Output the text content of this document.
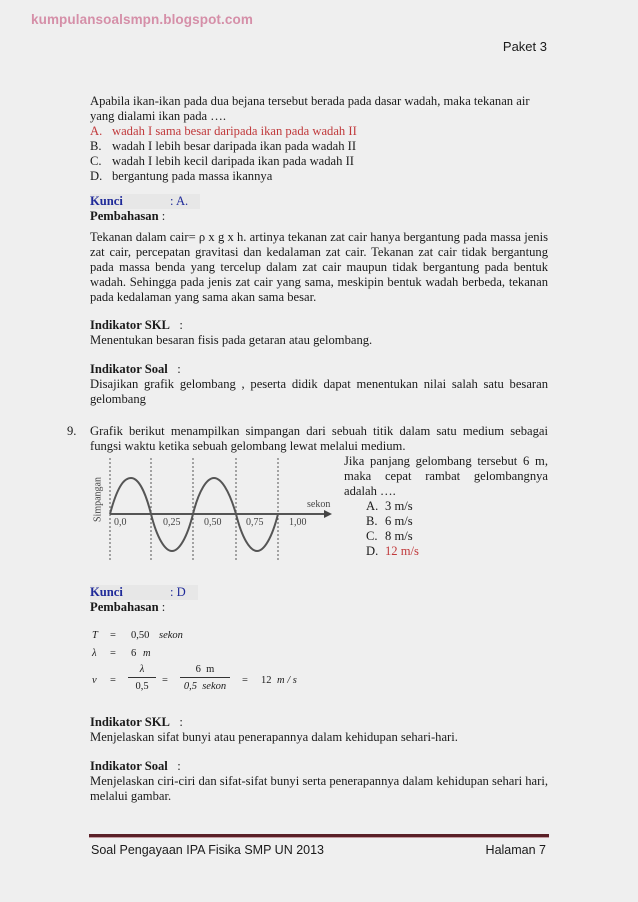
kumpulansoalsmpn.blogspot.com
Paket 3
Apabila ikan-ikan pada dua bejana tersebut berada pada dasar wadah, maka tekanan air
yang dialami ikan pada ….
A. wadah I sama besar daripada ikan pada wadah II
B. wadah I lebih besar daripada ikan pada wadah II
C. wadah I lebih kecil daripada ikan pada wadah II
D. bergantung pada massa ikannya
Kunci	: A.
Pembahasan :
Tekanan dalam cair= ρ x g x h. artinya tekanan zat cair hanya bergantung pada massa jenis zat cair, percepatan gravitasi dan kedalaman zat cair. Tekanan zat cair tidak bergantung pada massa benda yang tercelup dalam zat cair maupun tidak bergantung pada bentuk wadah. Sehingga pada jenis zat cair yang sama, meskipin bentuk wadah berbeda, tekanan pada kedalaman yang sama akan sama besar.
Indikator SKL :
Menentukan besaran fisis pada getaran atau gelombang.
Indikator Soal :
Disajikan grafik gelombang , peserta didik dapat menentukan nilai salah satu besaran gelombang
9. Grafik berikut menampilkan simpangan dari sebuah titik dalam satu medium sebagai fungsi waktu ketika sebuah gelombang lewat melalui medium.
Simpangan	sekon
0,0	0,25 0,50 0,75	1,00
Jika panjang gelombang tersebut 6 m, maka cepat rambat gelombangnya adalah ….
A. 3 m/s
B. 6 m/s
C. 8 m/s
D. 12 m/s
Kunci	: D
Pembahasan :
T = 0,50 sekon
λ = 6 m
$v = \frac{\lambda}{0,5}$ =
6  m
0,5  sekon
= 12 m / s
Indikator SKL :
Menjelaskan sifat bunyi atau penerapannya dalam kehidupan sehari-hari.
Indikator Soal :
Menjelaskan ciri-ciri dan sifat-sifat bunyi serta penerapannya dalam kehidupan sehari hari, melalui gambar.
Soal Pengayaan IPA Fisika SMP UN 2013	Halaman 7
